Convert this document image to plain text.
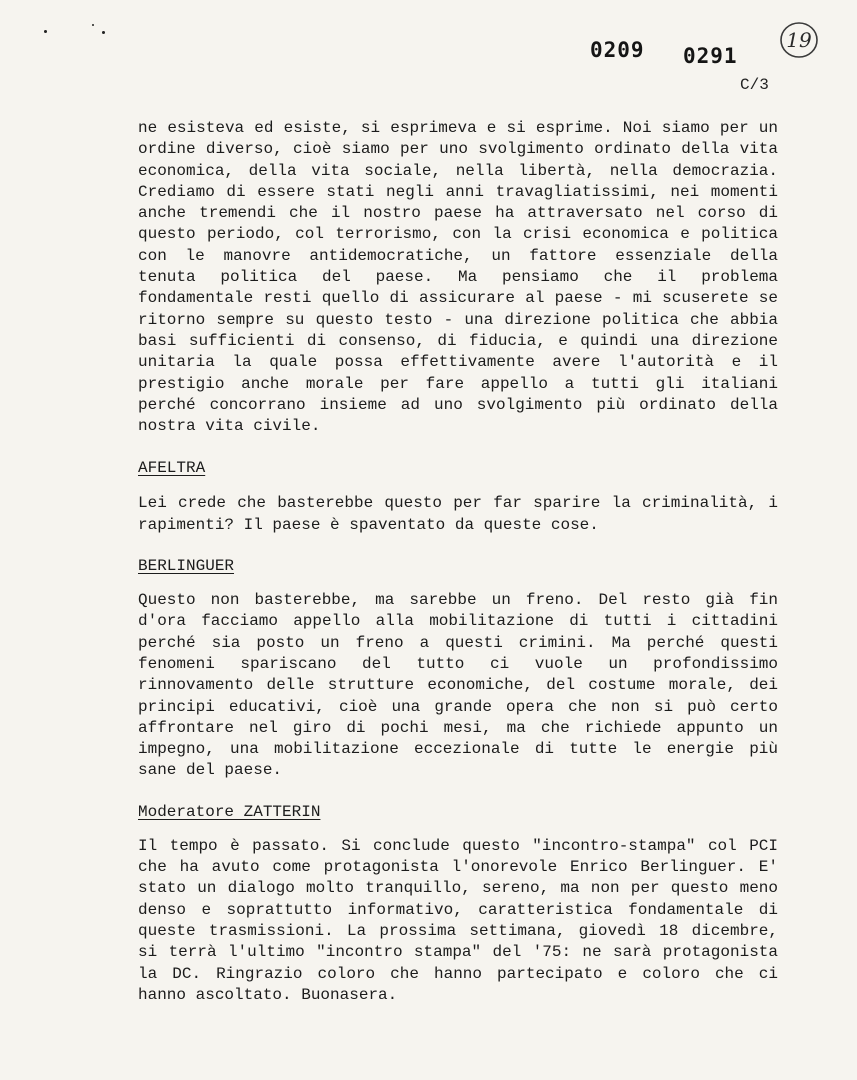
0209 0291
19
C/3

ne esisteva ed esiste, si esprimeva e si esprime. Noi siamo per un ordine diverso, cioè siamo per uno svolgimento ordinato della vita economica, della vita sociale, nella libertà, nella democrazia. Crediamo di essere stati negli anni travagliatissimi, nei momenti anche tremendi che il nostro paese ha attraversato nel corso di questo periodo, col terrorismo, con la crisi economica e politica con le manovre antidemocratiche, un fattore essenziale della tenuta politica del paese. Ma pensiamo che il problema fondamentale resti quello di assicurare al paese - mi scuserete se ritorno sempre su questo testo - una direzione politica che abbia basi sufficienti di consenso, di fiducia, e quindi una direzione unitaria la quale possa effettivamente avere l'autorità e il prestigio anche morale per fare appello a tutti gli italiani perché concorrano insieme ad uno svolgimento più ordinato della nostra vita civile.

AFELTRA

Lei crede che basterebbe questo per far sparire la criminalità, i rapimenti? Il paese è spaventato da queste cose.

BERLINGUER

Questo non basterebbe, ma sarebbe un freno. Del resto già fin d'ora facciamo appello alla mobilitazione di tutti i cittadini perché sia posto un freno a questi crimini. Ma perché questi fenomeni spariscano del tutto ci vuole un profondissimo rinnovamento delle strutture economiche, del costume morale, dei principi educativi, cioè una grande opera che non si può certo affrontare nel giro di pochi mesi, ma che richiede appunto un impegno, una mobilitazione eccezionale di tutte le energie più sane del paese.

Moderatore ZATTERIN

Il tempo è passato. Si conclude questo "incontro-stampa" col PCI che ha avuto come protagonista l'onorevole Enrico Berlinguer. E' stato un dialogo molto tranquillo, sereno, ma non per questo meno denso e soprattutto informativo, caratteristica fondamentale di queste trasmissioni. La prossima settimana, giovedì 18 dicembre, si terrà l'ultimo "incontro stampa" del '75: ne sarà protagonista la DC. Ringrazio coloro che hanno partecipato e coloro che ci hanno ascoltato. Buonasera.
